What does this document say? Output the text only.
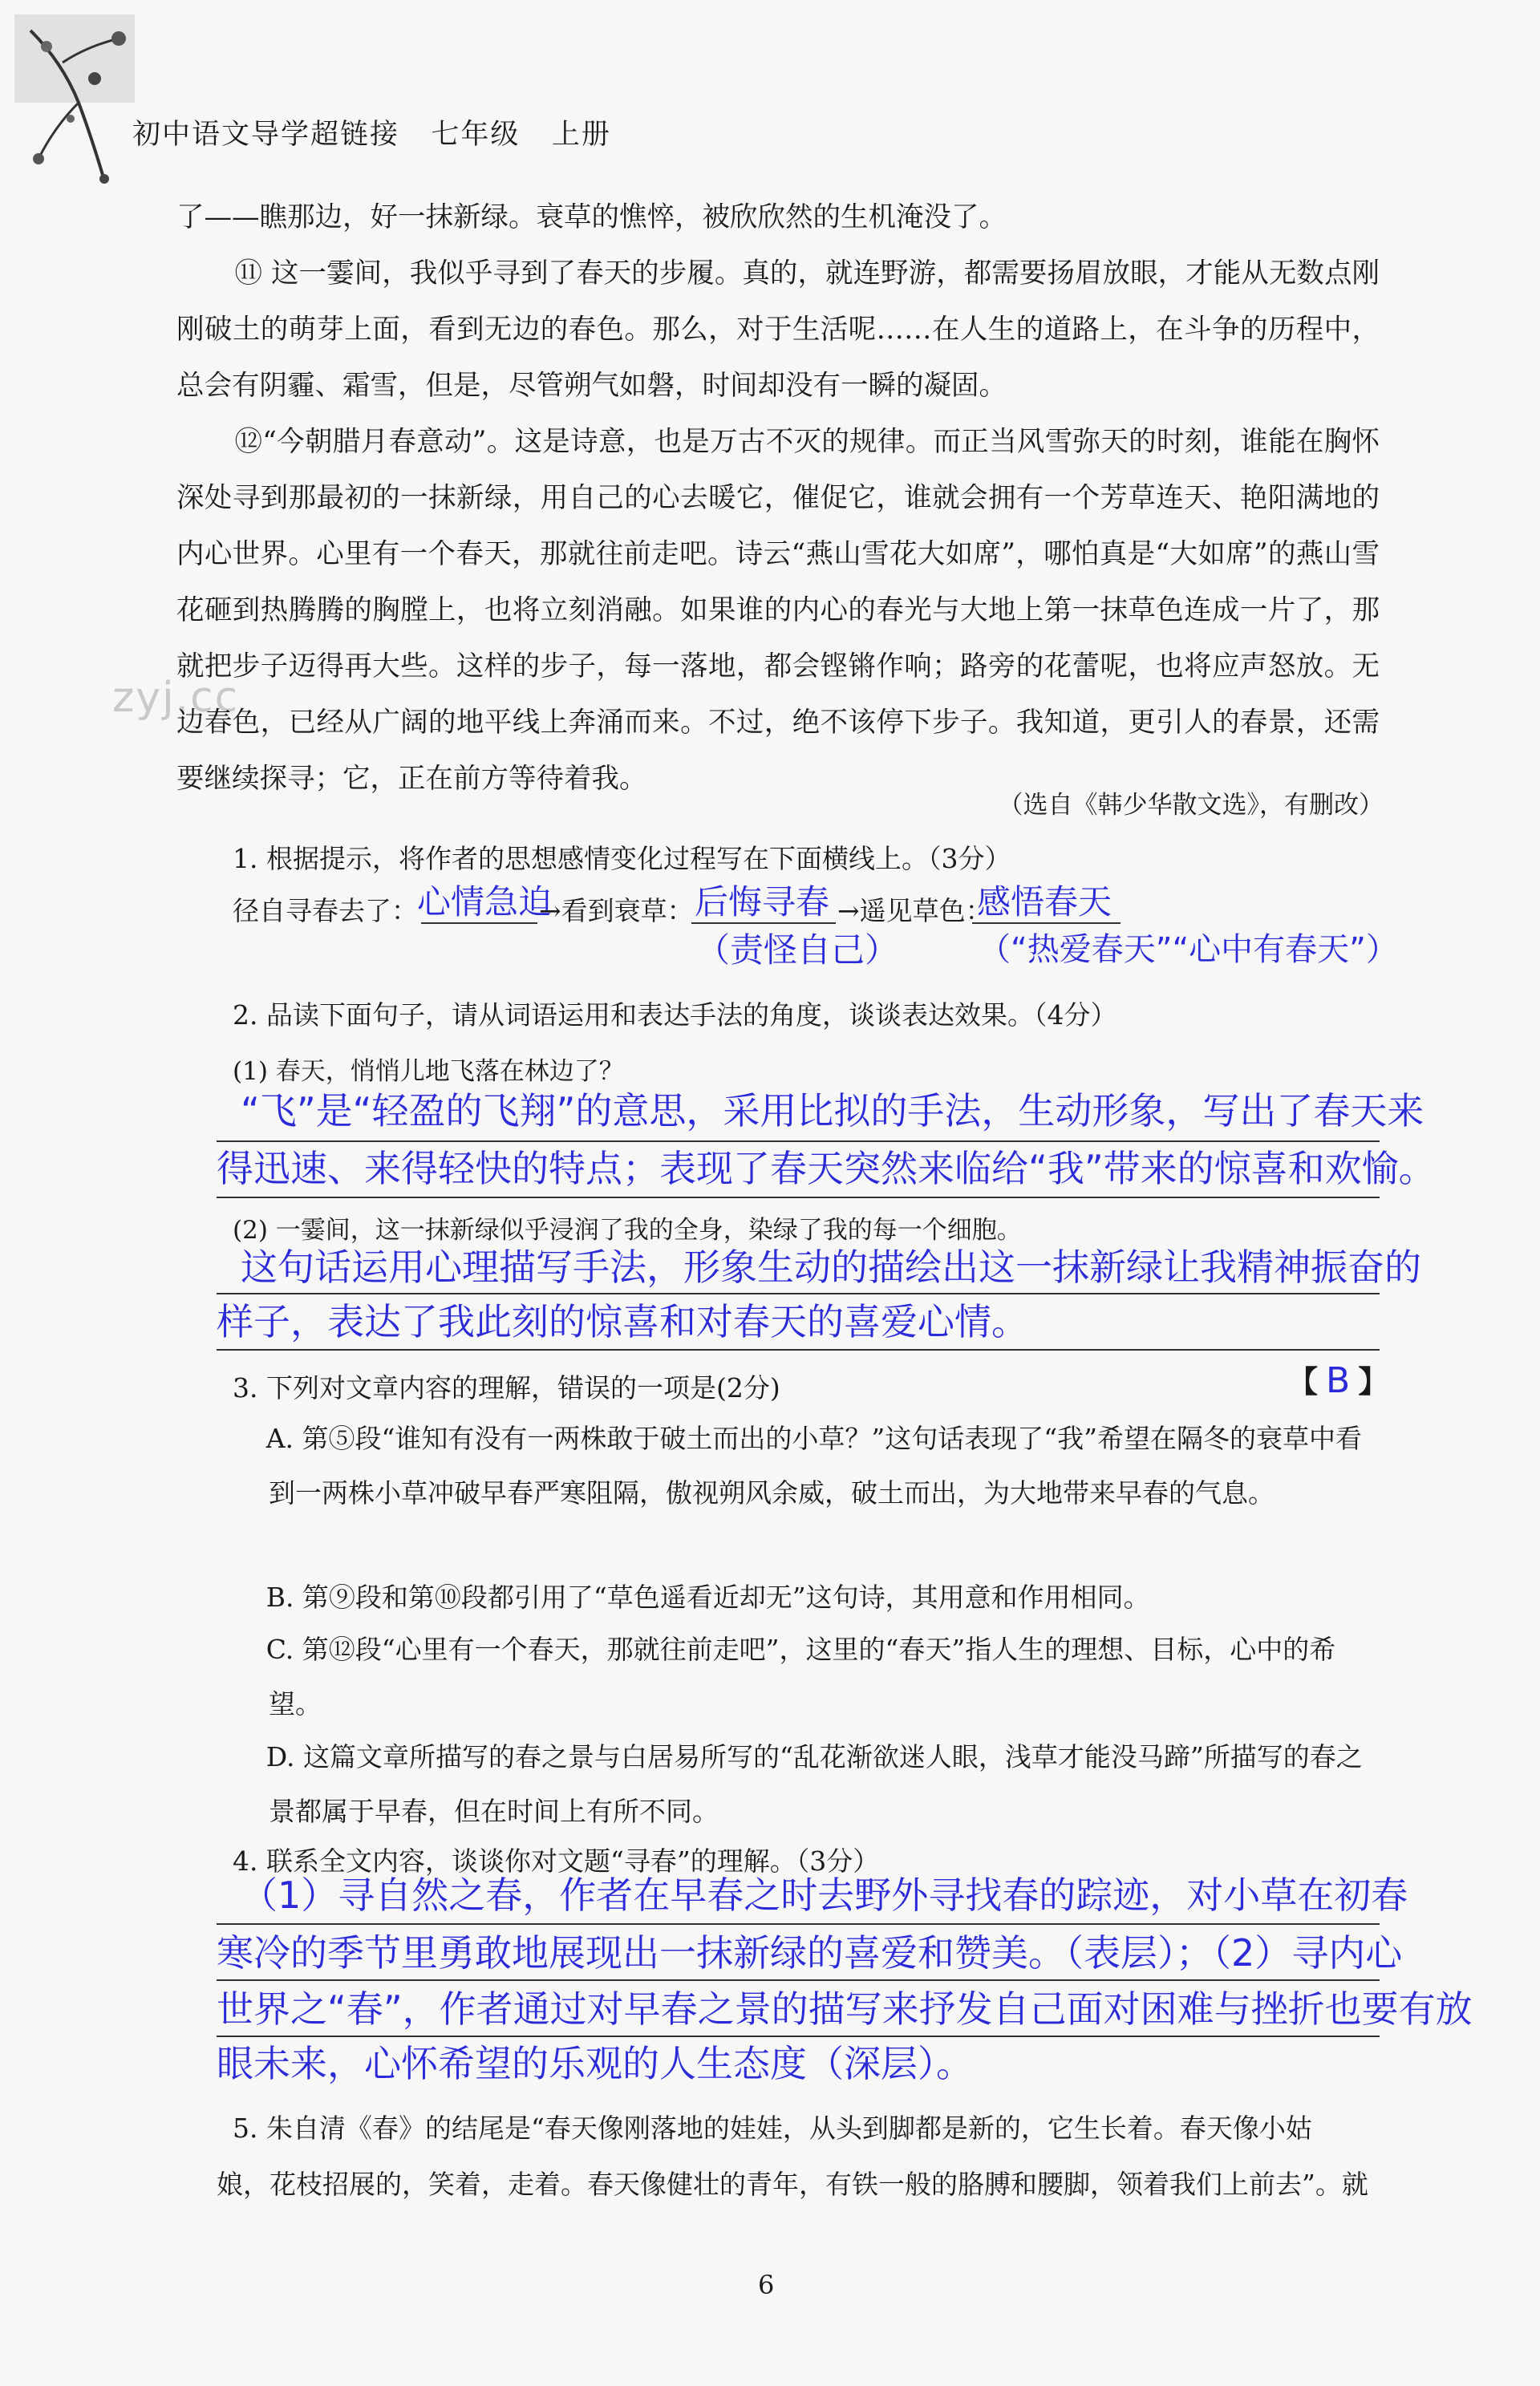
初中语文导学超链接 七年级 上册
zyj.cc
了——瞧那边，好一抹新绿。衰草的憔悴，被欣欣然的生机淹没了。
⑪ 这一霎间，我似乎寻到了春天的步履。真的，就连野游，都需要扬眉放眼，才能从无数点刚刚破土的萌芽上面，看到无边的春色。那么，对于生活呢……在人生的道路上，在斗争的历程中，总会有阴霾、霜雪，但是，尽管朔气如磐，时间却没有一瞬的凝固。
⑫“今朝腊月春意动”。这是诗意，也是万古不灭的规律。而正当风雪弥天的时刻，谁能在胸怀深处寻到那最初的一抹新绿，用自己的心去暖它，催促它，谁就会拥有一个芳草连天、艳阳满地的内心世界。心里有一个春天，那就往前走吧。诗云“燕山雪花大如席”，哪怕真是“大如席”的燕山雪花砸到热腾腾的胸膛上，也将立刻消融。如果谁的内心的春光与大地上第一抹草色连成一片了，那就把步子迈得再大些。这样的步子，每一落地，都会铿锵作响；路旁的花蕾呢，也将应声怒放。无边春色，已经从广阔的地平线上奔涌而来。不过，绝不该停下步子。我知道，更引人的春景，还需要继续探寻；它，正在前方等待着我。
（选自《韩少华散文选》，有删改）
1. 根据提示，将作者的思想感情变化过程写在下面横线上。（3分）
径自寻春去了： 心情急迫
→看到衰草： 后悔寻春 →遥见草色：
感悟春天
（责怪自己） （“热爱春天”“心中有春天”）
2. 品读下面句子，请从词语运用和表达手法的角度，谈谈表达效果。（4分）
(1) 春天，悄悄儿地飞落在林边了？
“飞”是“轻盈的飞翔”的意思，采用比拟的手法，生动形象，写出了春天来
得迅速、来得轻快的特点；表现了春天突然来临给“我”带来的惊喜和欢愉。
(2) 一霎间，这一抹新绿似乎浸润了我的全身，染绿了我的每一个细胞。
这句话运用心理描写手法，形象生动的描绘出这一抹新绿让我精神振奋的
样子，表达了我此刻的惊喜和对春天的喜爱心情。
3. 下列对文章内容的理解，错误的一项是(2分)	【 B 】
A. 第⑤段“谁知有没有一两株敢于破土而出的小草？”这句话表现了“我”希望在隔冬的衰草中看到一两株小草冲破早春严寒阻隔，傲视朔风余威，破土而出，为大地带来早春的气息。
B. 第⑨段和第⑩段都引用了“草色遥看近却无”这句诗，其用意和作用相同。
C. 第⑫段“心里有一个春天，那就往前走吧”，这里的“春天”指人生的理想、目标，心中的希望。
D. 这篇文章所描写的春之景与白居易所写的“乱花渐欲迷人眼，浅草才能没马蹄”所描写的春之景都属于早春，但在时间上有所不同。
4. 联系全文内容，谈谈你对文题“寻春”的理解。（3分）
（1）寻自然之春，作者在早春之时去野外寻找春的踪迹，对小草在初春
寒冷的季节里勇敢地展现出一抹新绿的喜爱和赞美。（表层）；（2）寻内心
世界之“春”，作者通过对早春之景的描写来抒发自己面对困难与挫折也要有放
眼未来，心怀希望的乐观的人生态度（深层）。
5. 朱自清《春》的结尾是“春天像刚落地的娃娃，从头到脚都是新的，它生长着。春天像小姑
娘，花枝招展的，笑着，走着。春天像健壮的青年，有铁一般的胳膊和腰脚，领着我们上前去”。就
6
